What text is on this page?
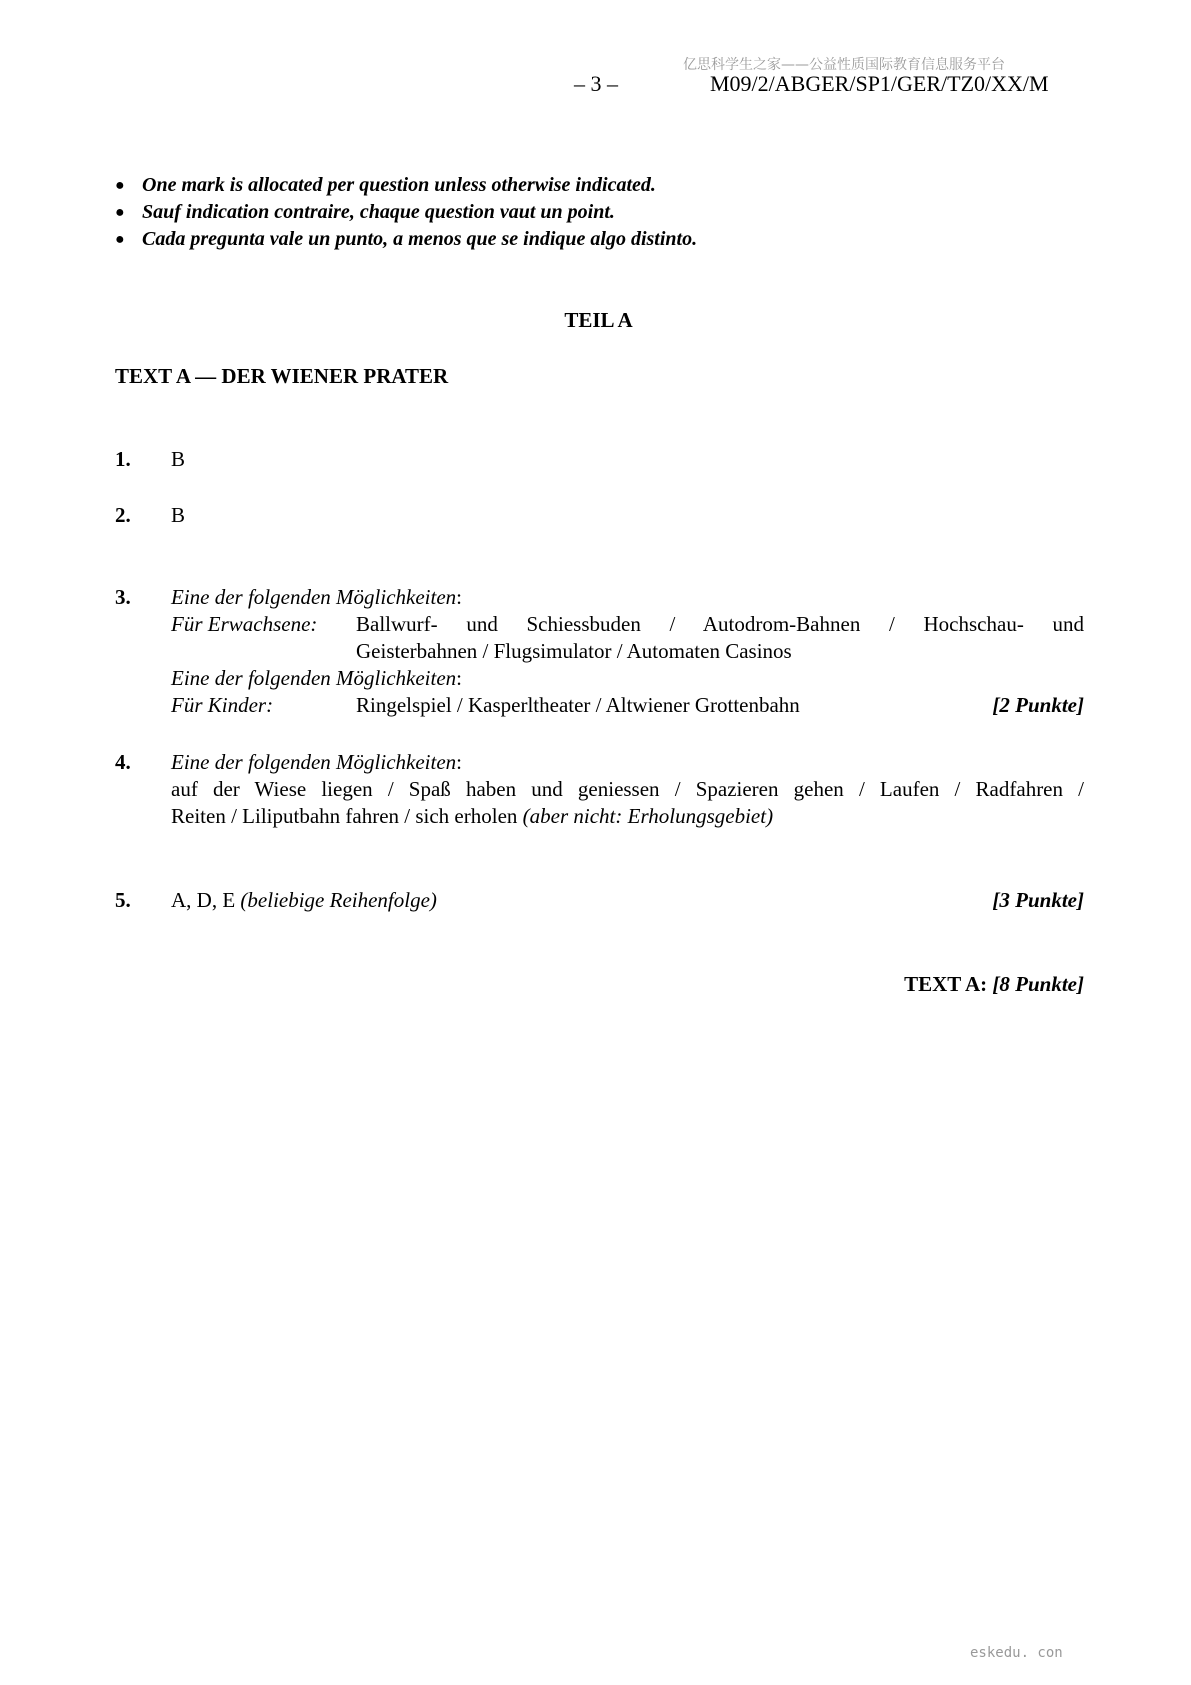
亿思科学生之家——公益性质国际教育信息服务平台
– 3 –	M09/2/ABGER/SP1/GER/TZ0/XX/M
● One mark is allocated per question unless otherwise indicated.
● Sauf indication contraire, chaque question vaut un point.
● Cada pregunta vale un punto, a menos que se indique algo distinto.
TEIL A
TEXT A — DER WIENER PRATER
1. B
2. B
3. Eine der folgenden Möglichkeiten:
Für Erwachsene: Ballwurf- und Schiessbuden / Autodrom-Bahnen / Hochschau- und
Geisterbahnen / Flugsimulator / Automaten Casinos
Eine der folgenden Möglichkeiten:
Für Kinder:	Ringelspiel / Kasperltheater / Altwiener Grottenbahn	[2 Punkte]
4. Eine der folgenden Möglichkeiten:
auf der Wiese liegen / Spaß haben und geniessen / Spazieren gehen / Laufen / Radfahren /
Reiten / Liliputbahn fahren / sich erholen (aber nicht: Erholungsgebiet)
5. A, D, E (beliebige Reihenfolge)	[3 Punkte]
TEXT A: [8 Punkte]
eskedu. con
